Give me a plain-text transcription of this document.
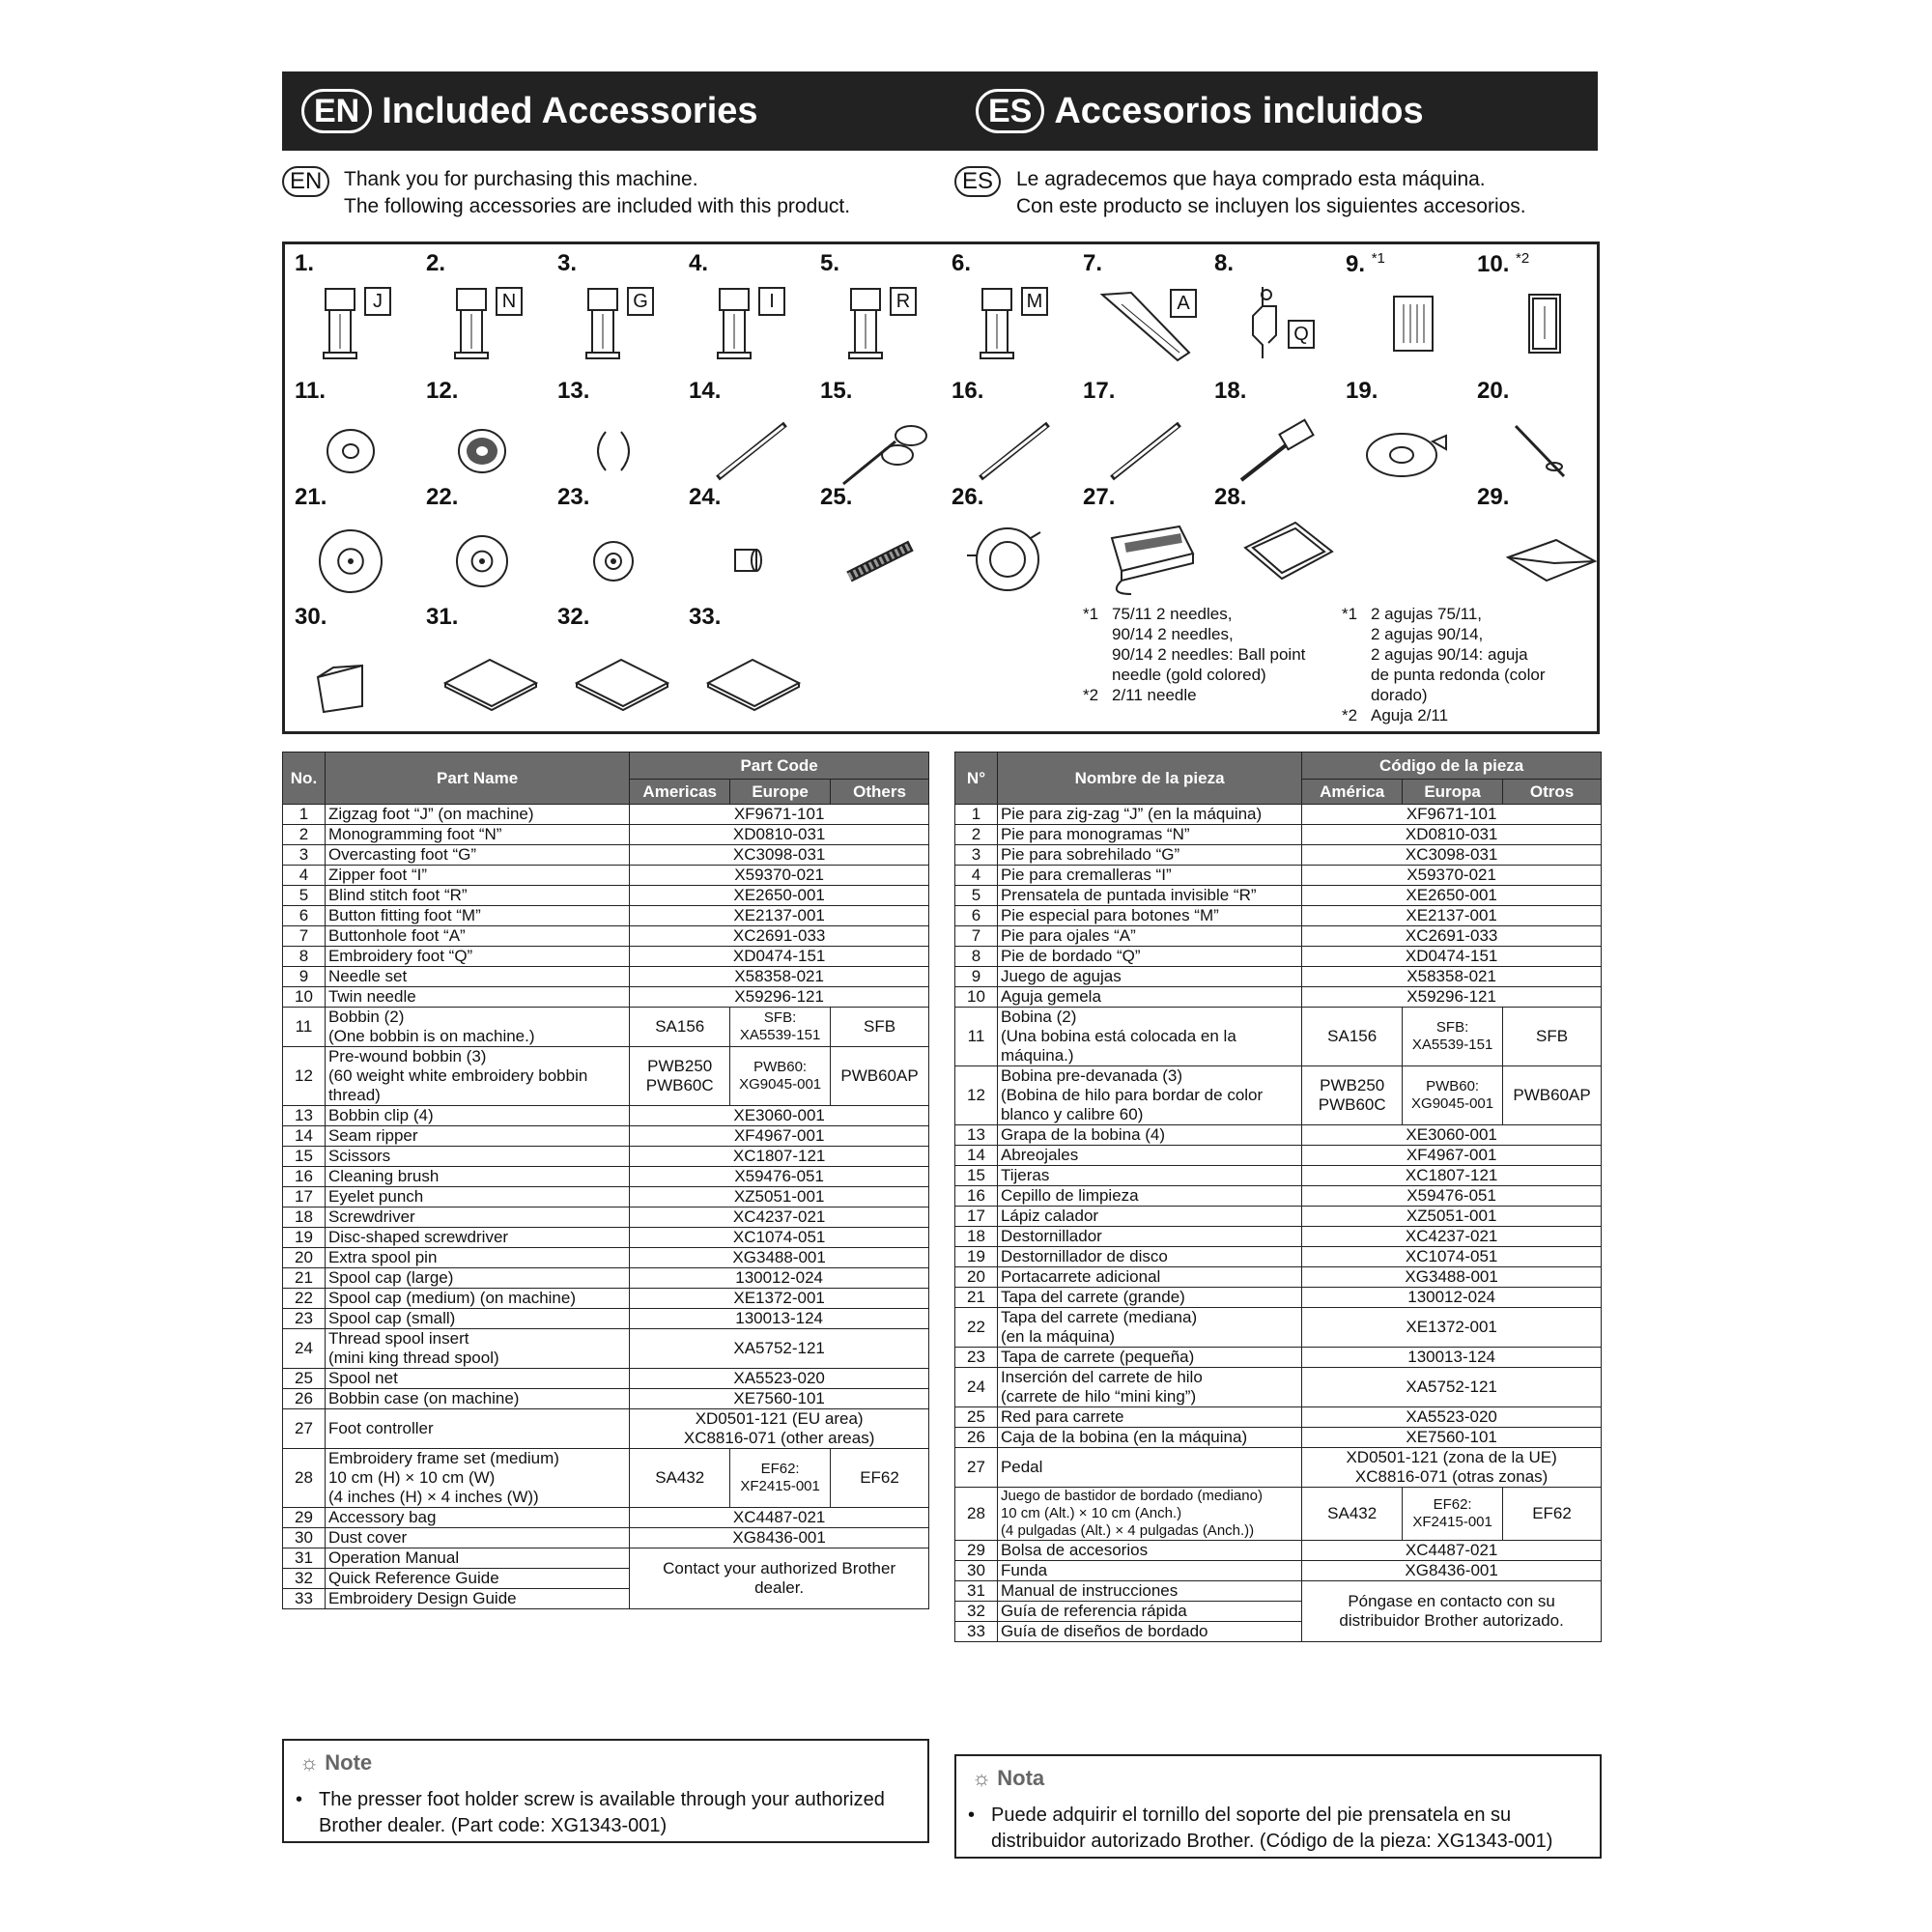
EN Included Accessories	ES Accesorios incluidos
EN	Thank you for purchasing this machine.
The following accessories are included with this product.
ES	Le agradecemos que haya comprado esta máquina.
Con este producto se incluyen los siguientes accesorios.
*1 75/11 2 needles,
90/14 2 needles,
90/14 2 needles: Ball point
needle (gold colored)
*2 2/11 needle
*1 2 agujas 75/11,
2 agujas 90/14,
2 agujas 90/14: aguja
de punta redonda (color
dorado)
*2 Aguja 2/11
1.
J
2.
N
3.
G
4.
I
5.
R
6.
M
7.
A
8.
Q
9. $^{*1}$	10. $^{*2}$
11.	12.	13.	14.	15.	16.	17.	18.	19.	20.
21.	22.	23.	24.	25.	26.	27.	28.	29.
30.	31.	32.	33.
No.	Part Name	Part Code		
		Americas	Europe	Others
1	Zigzag foot “J” (on machine)	XF9671-101		
2	Monogramming foot “N”	XD0810-031		
3	Overcasting foot “G”	XC3098-031		
4	Zipper foot “I”	X59370-021		
5	Blind stitch foot “R”	XE2650-001		
6	Button fitting foot “M”	XE2137-001		
7	Buttonhole foot “A”	XC2691-033		
8	Embroidery foot “Q”	XD0474-151		
9	Needle set	X58358-021		
10	Twin needle	X59296-121		
11	Bobbin (2)
(One bobbin is on machine.)	SA156	SFB:
XA5539-151	SFB
12	Pre-wound bobbin (3)
(60 weight white embroidery bobbin
thread)	PWB250
PWB60C	PWB60:
XG9045-001	PWB60AP
13	Bobbin clip (4)	XE3060-001		
14	Seam ripper	XF4967-001		
15	Scissors	XC1807-121		
16	Cleaning brush	X59476-051		
17	Eyelet punch	XZ5051-001		
18	Screwdriver	XC4237-021		
19	Disc-shaped screwdriver	XC1074-051		
20	Extra spool pin	XG3488-001		
21	Spool cap (large)	130012-024		
22	Spool cap (medium) (on machine)	XE1372-001		
23	Spool cap (small)	130013-124		
24	Thread spool insert
(mini king thread spool)	XA5752-121		
25	Spool net	XA5523-020		
26	Bobbin case (on machine)	XE7560-101		
27	Foot controller	XD0501-121 (EU area)
XC8816-071 (other areas)		
28	Embroidery frame set (medium)
10 cm (H) × 10 cm (W)
(4 inches (H) × 4 inches (W))	SA432	EF62:
XF2415-001	EF62
29	Accessory bag	XC4487-021		
30	Dust cover	XG8436-001		
31	Operation Manual	Contact your authorized Brother
dealer.		
32	Quick Reference Guide			
33	Embroidery Design Guide			
N°	Nombre de la pieza	Código de la pieza		
		América	Europa	Otros
1	Pie para zig-zag “J” (en la máquina)	XF9671-101		
2	Pie para monogramas “N”	XD0810-031		
3	Pie para sobrehilado “G”	XC3098-031		
4	Pie para cremalleras “I”	X59370-021		
5	Prensatela de puntada invisible “R”	XE2650-001		
6	Pie especial para botones “M”	XE2137-001		
7	Pie para ojales “A”	XC2691-033		
8	Pie de bordado “Q”	XD0474-151		
9	Juego de agujas	X58358-021		
10	Aguja gemela	X59296-121		
11	Bobina (2)
(Una bobina está colocada en la
máquina.)	SA156	SFB:
XA5539-151	SFB
12	Bobina pre-devanada (3)
(Bobina de hilo para bordar de color
blanco y calibre 60)	PWB250
PWB60C	PWB60:
XG9045-001	PWB60AP
13	Grapa de la bobina (4)	XE3060-001		
14	Abreojales	XF4967-001		
15	Tijeras	XC1807-121		
16	Cepillo de limpieza	X59476-051		
17	Lápiz calador	XZ5051-001		
18	Destornillador	XC4237-021		
19	Destornillador de disco	XC1074-051		
20	Portacarrete adicional	XG3488-001		
21	Tapa del carrete (grande)	130012-024		
22	Tapa del carrete (mediana)
(en la máquina)	XE1372-001		
23	Tapa de carrete (pequeña)	130013-124		
24	Inserción del carrete de hilo
(carrete de hilo “mini king”)	XA5752-121		
25	Red para carrete	XA5523-020		
26	Caja de la bobina (en la máquina)	XE7560-101		
27	Pedal	XD0501-121 (zona de la UE)
XC8816-071 (otras zonas)		
28	Juego de bastidor de bordado (mediano)
10 cm (Alt.) × 10 cm (Anch.)
(4 pulgadas (Alt.) × 4 pulgadas (Anch.))	SA432	EF62:
XF2415-001	EF62
29	Bolsa de accesorios	XC4487-021		
30	Funda	XG8436-001		
31	Manual de instrucciones	Póngase en contacto con su
distribuidor Brother autorizado.		
32	Guía de referencia rápida			
33	Guía de diseños de bordado			
☼ Note
• The presser foot holder screw is available through your authorized Brother dealer. (Part code: XG1343-001)
☼ Nota
• Puede adquirir el tornillo del soporte del pie prensatela en su distribuidor autorizado Brother. (Código de la pieza: XG1343-001)
